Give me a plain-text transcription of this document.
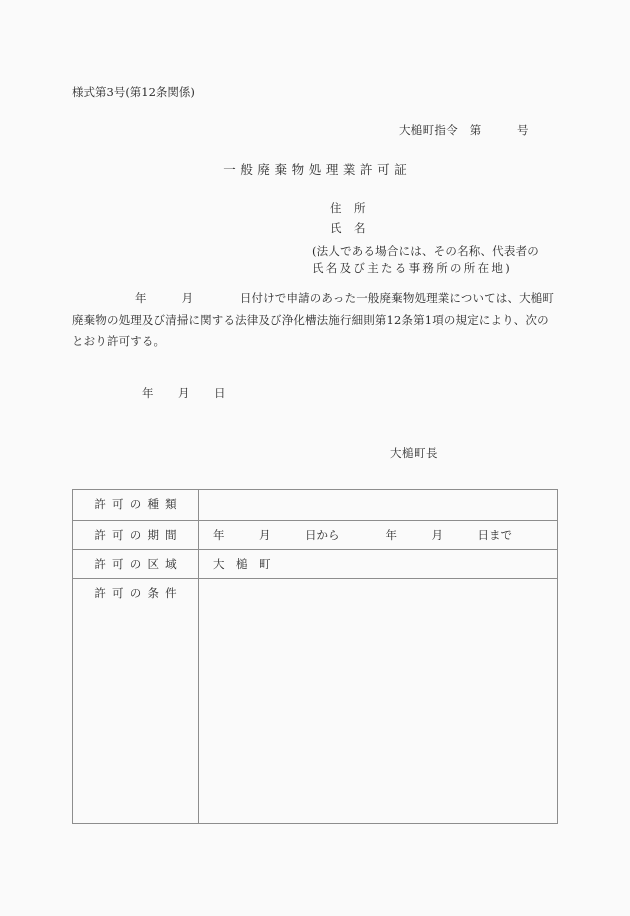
様式第3号(第12条関係)
大槌町指令　第　　　号
一般廃棄物処理業許可証
住　所
氏　名
(法人である場合には、その名称、代表者の
氏名及び主たる事務所の所在地)
年　　　月　　　　日付けで申請のあった一般廃棄物処理業については、大槌町
廃棄物の処理及び清掃に関する法律及び浄化槽法施行細則第12条第1項の規定により、次の
とおり許可する。
年　　月　　日
大槌町長
許可の種類	
許可の期間	年　　　月　　　日から　　　　年　　　月　　　日まで
許可の区域	大　槌　町
許可の条件	
